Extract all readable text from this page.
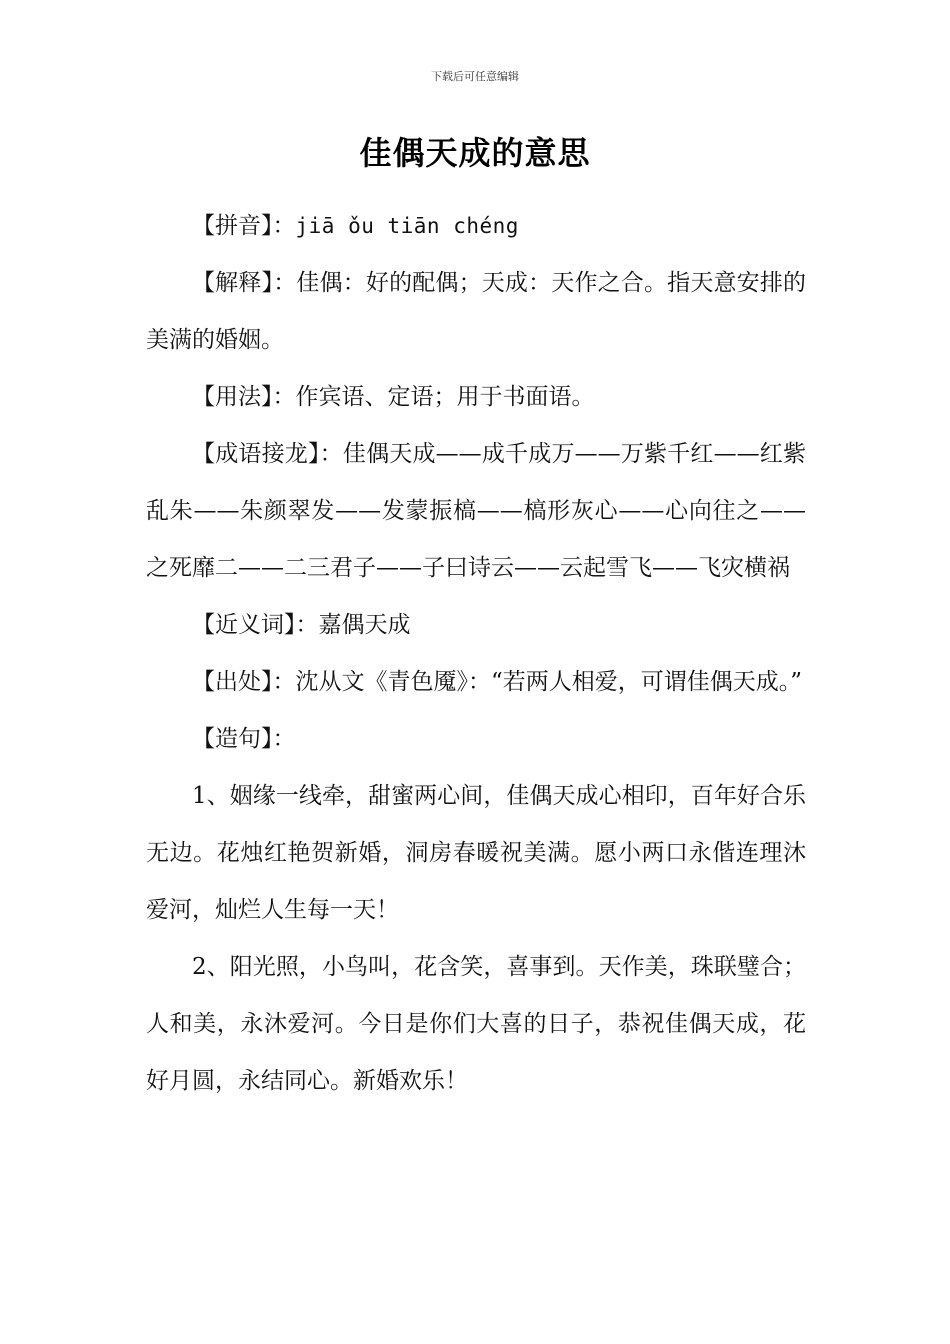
下载后可任意编辑
佳偶天成的意思

【拼音】：jiā ǒu tiān chéng

【解释】：佳偶：好的配偶；天成：天作之合。指天意安排的美满的婚姻。

【用法】：作宾语、定语；用于书面语。

【成语接龙】：佳偶天成——成千成万——万紫千红——红紫乱朱——朱颜翠发——发蒙振槁——槁形灰心——心向往之——之死靡二——二三君子——子曰诗云——云起雪飞——飞灾横祸

【近义词】：嘉偶天成

【出处】：沈从文《青色魇》：“若两人相爱，可谓佳偶天成。”

【造句】：

1、姻缘一线牵，甜蜜两心间，佳偶天成心相印，百年好合乐无边。花烛红艳贺新婚，洞房春暖祝美满。愿小两口永偕连理沐爱河，灿烂人生每一天！

2、阳光照，小鸟叫，花含笑，喜事到。天作美，珠联璧合；人和美，永沐爱河。今日是你们大喜的日子，恭祝佳偶天成，花好月圆，永结同心。新婚欢乐！
